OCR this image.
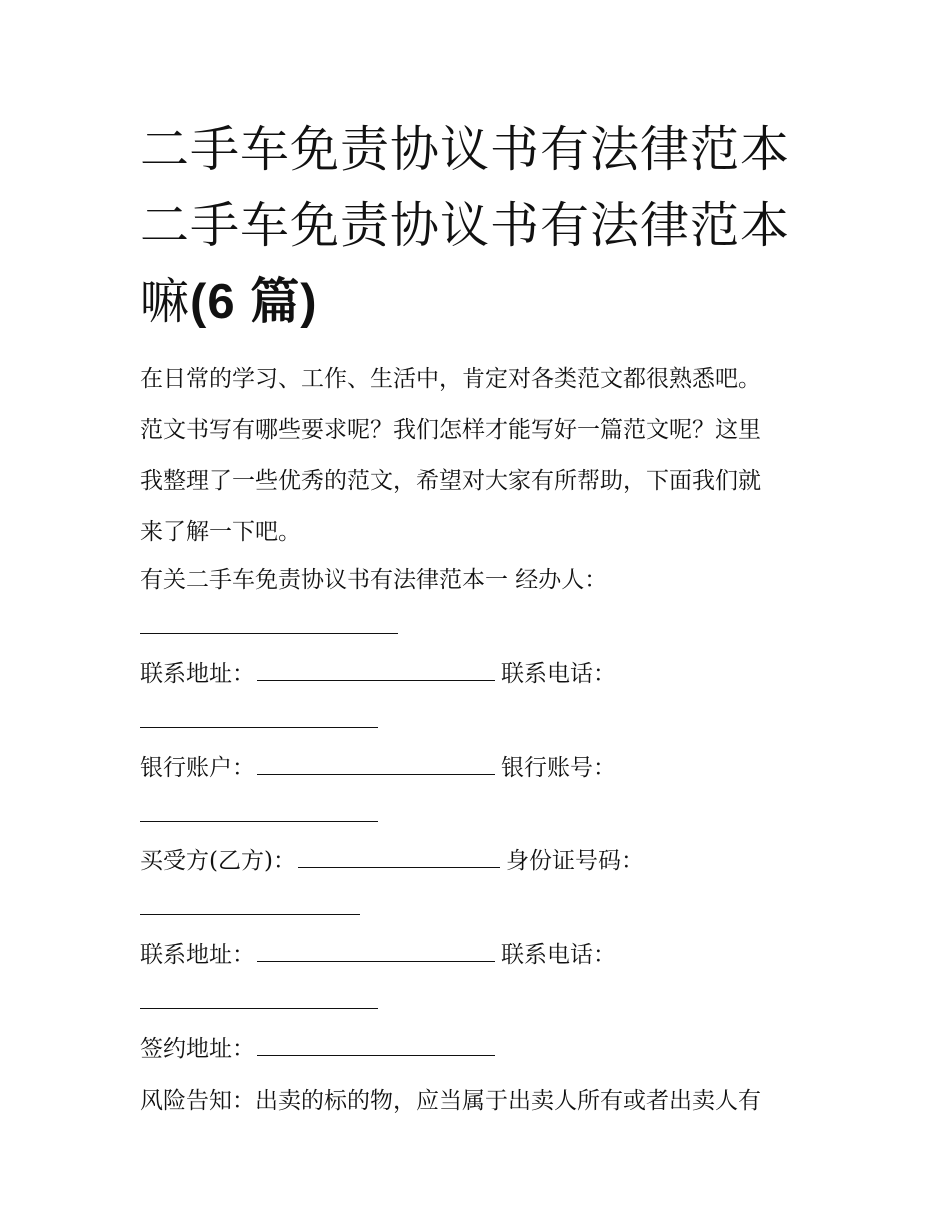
二手车免责协议书有法律范本
二手车免责协议书有法律范本
嘛(6 篇)
在日常的学习、工作、生活中，肯定对各类范文都很熟悉吧。
范文书写有哪些要求呢？我们怎样才能写好一篇范文呢？这里
我整理了一些优秀的范文，希望对大家有所帮助，下面我们就
来了解一下吧。
有关二手车免责协议书有法律范本一 经办人：
联系地址：	联系电话：
银行账户：	银行账号：
买受方(乙方)：	身份证号码：
联系地址：	联系电话：
签约地址：
风险告知：出卖的标的物，应当属于出卖人所有或者出卖人有
